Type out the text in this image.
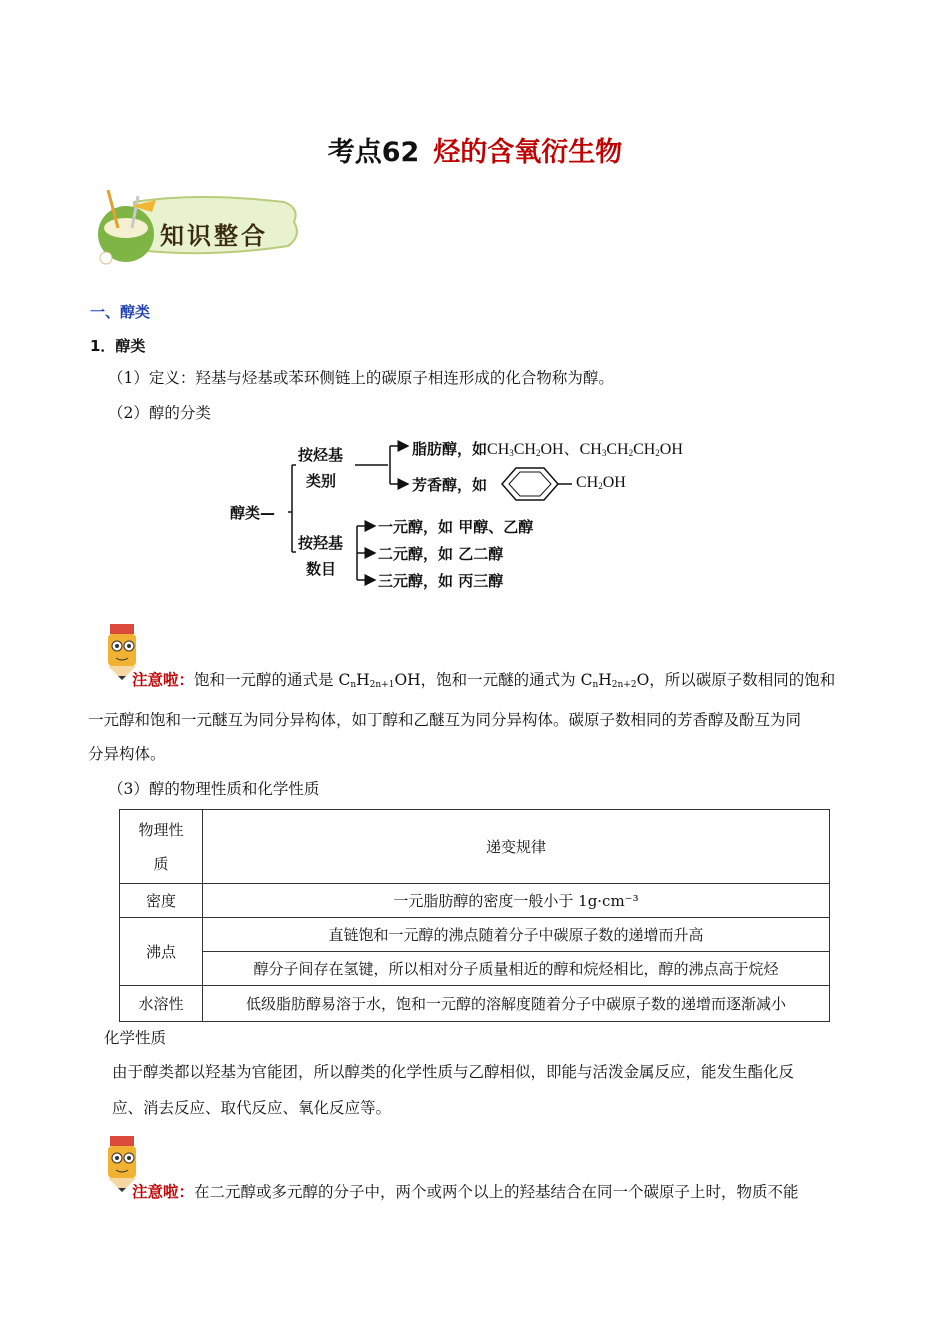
考点62 烃的含氧衍生物
知识整合
一、醇类
1．醇类
（1）定义：羟基与烃基或苯环侧链上的碳原子相连形成的化合物称为醇。
（2）醇的分类
醇类—
按烃基
类别
按羟基
数目
脂肪醇，如$CH_3CH_2OH$、$CH_3CH_2CH_2OH$
芳香醇，如	$CH_2OH$
一元醇，如 甲醇、乙醇
二元醇，如 乙二醇
三元醇，如 丙三醇
注意啦：饱和一元醇的通式是 $C_nH_{2n+1}OH$，饱和一元醚的通式为 $C_nH_{2n+2}O$，所以碳原子数相同的饱和
一元醇和饱和一元醚互为同分异构体，如丁醇和乙醚互为同分异构体。碳原子数相同的芳香醇及酚互为同
分异构体。
（3）醇的物理性质和化学性质
物理性
质	递变规律
密度	一元脂肪醇的密度一般小于 1g·cm⁻³
沸点	直链饱和一元醇的沸点随着分子中碳原子数的递增而升高
	醇分子间存在氢键，所以相对分子质量相近的醇和烷烃相比，醇的沸点高于烷烃
水溶性	低级脂肪醇易溶于水，饱和一元醇的溶解度随着分子中碳原子数的递增而逐渐减小
化学性质
由于醇类都以羟基为官能团，所以醇类的化学性质与乙醇相似，即能与活泼金属反应，能发生酯化反
应、消去反应、取代反应、氧化反应等。
注意啦：在二元醇或多元醇的分子中，两个或两个以上的羟基结合在同一个碳原子上时，物质不能
